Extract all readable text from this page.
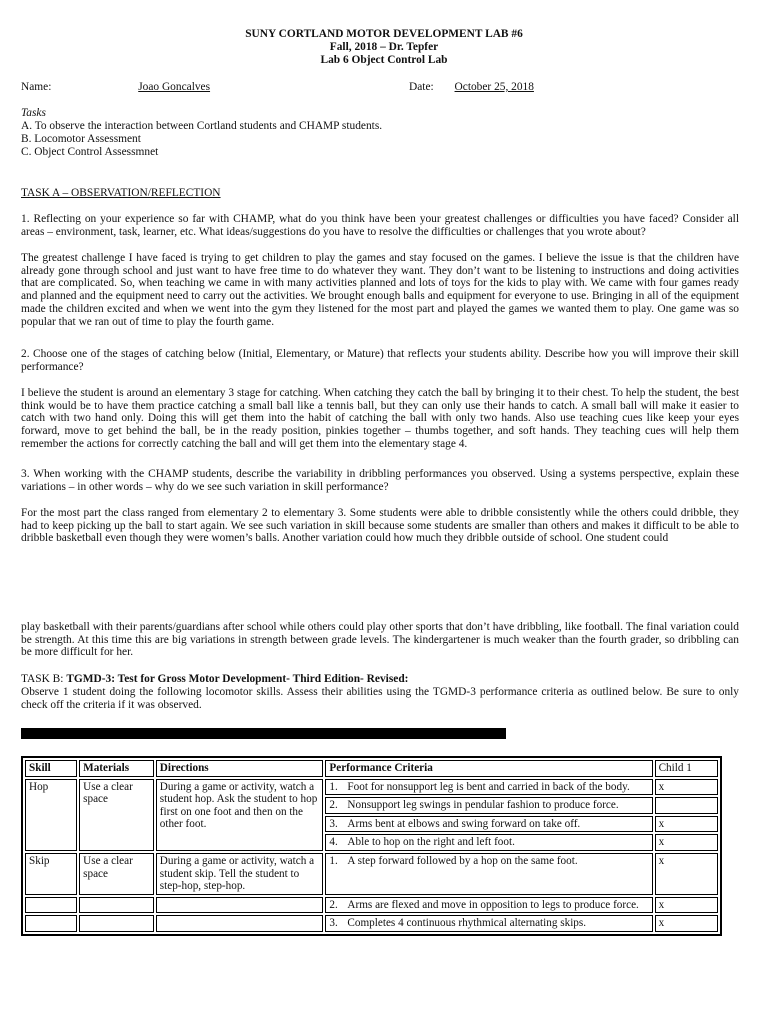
SUNY CORTLAND MOTOR DEVELOPMENT LAB #6
Fall, 2018 – Dr. Tepfer
Lab 6 Object Control Lab
Name:	Joao Goncalves	Date: October 25, 2018
Tasks
A. To observe the interaction between Cortland students and CHAMP students.
B. Locomotor Assessment
C. Object Control Assessmnet
TASK A – OBSERVATION/REFLECTION
1. Reflecting on your experience so far with CHAMP, what do you think have been your greatest challenges or difficulties you have faced? Consider all areas – environment, task, learner, etc. What ideas/suggestions do you have to resolve the difficulties or challenges that you wrote about?
The greatest challenge I have faced is trying to get children to play the games and stay focused on the games. I believe the issue is that the children have already gone through school and just want to have free time to do whatever they want. They don’t want to be listening to instructions and doing activities that are complicated. So, when teaching we came in with many activities planned and lots of toys for the kids to play with. We came with four games ready and planned and the equipment need to carry out the activities. We brought enough balls and equipment for everyone to use. Bringing in all of the equipment made the children excited and when we went into the gym they listened for the most part and played the games we wanted them to play. One game was so popular that we ran out of time to play the fourth game.
2. Choose one of the stages of catching below (Initial, Elementary, or Mature) that reflects your students ability. Describe how you will improve their skill performance?
I believe the student is around an elementary 3 stage for catching. When catching they catch the ball by bringing it to their chest. To help the student, the best think would be to have them practice catching a small ball like a tennis ball, but they can only use their hands to catch. A small ball will make it easier to catch with two hand only. Doing this will get them into the habit of catching the ball with only two hands. Also use teaching cues like keep your eyes forward, move to get behind the ball, be in the ready position, pinkies together – thumbs together, and soft hands. They teaching cues will help them remember the actions for correctly catching the ball and will get them into the elementary stage 4.
3. When working with the CHAMP students, describe the variability in dribbling performances you observed. Using a systems perspective, explain these variations – in other words – why do we see such variation in skill performance?
For the most part the class ranged from elementary 2 to elementary 3. Some students were able to dribble consistently while the others could dribble, they had to keep picking up the ball to start again. We see such variation in skill because some students are smaller than others and makes it difficult to be able to dribble basketball even though they were women’s balls. Another variation could how much they dribble outside of school. One student could
play basketball with their parents/guardians after school while others could play other sports that don’t have dribbling, like football. The final variation could be strength. At this time this are big variations in strength between grade levels. The kindergartener is much weaker than the fourth grader, so dribbling can be more difficult for her.
TASK B: TGMD-3: Test for Gross Motor Development- Third Edition- Revised:
Observe 1 student doing the following locomotor skills. Assess their abilities using the TGMD-3 performance criteria as outlined below. Be sure to only check off the criteria if it was observed.
Skill	Materials	Directions	Performance Criteria	Child 1
Hop	Use a clear space	During a game or activity, watch a student hop. Ask the student to hop first on one foot and then on the other foot.	1. Foot for nonsupport leg is bent and carried in back of the body.	x

			2. Nonsupport leg swings in pendular fashion to produce force.	

			3. Arms bent at elbows and swing forward on take off.	x

			4. Able to hop on the right and left foot.	x
Skip	Use a clear space	During a game or activity, watch a student skip. Tell the student to step-hop, step-hop.	1. A step forward followed by a hop on the same foot.	x

			2. Arms are flexed and move in opposition to legs to produce force.	x

			3. Completes 4 continuous rhythmical alternating skips.	x
